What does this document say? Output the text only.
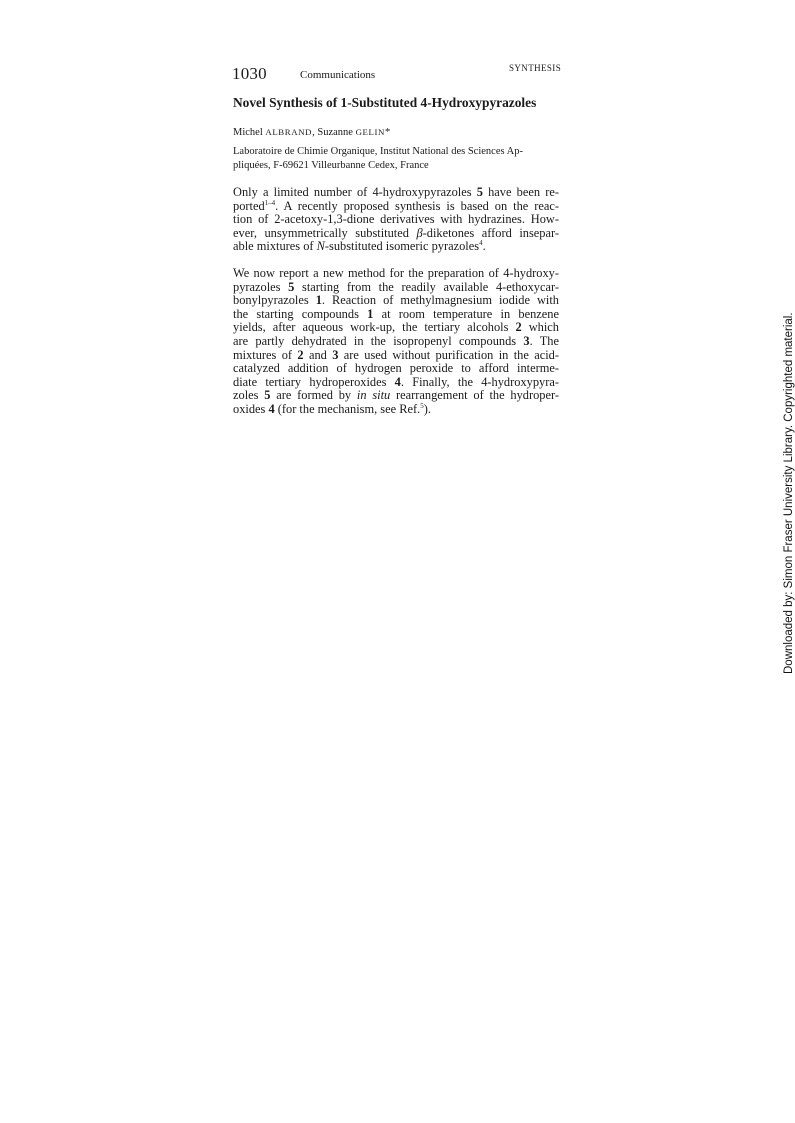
1030	Communications
SYNTHESIS
Novel Synthesis of 1-Substituted 4-Hydroxypyrazoles
Michel ALBRAND, Suzanne GELIN*
Laboratoire de Chimie Organique, Institut National des Sciences Ap-
pliquées, F-69621 Villeurbanne Cedex, France
Only a limited number of 4-hydroxypyrazoles 5 have been re-
ported$^{1-4}$. A recently proposed synthesis is based on the reac-
tion of 2-acetoxy-1,3-dione derivatives with hydrazines. How-
ever, unsymmetrically substituted β-diketones afford insepar-
able mixtures of N-substituted isomeric pyrazoles$^4$.
We now report a new method for the preparation of 4-hydroxy-
pyrazoles 5 starting from the readily available 4-ethoxycar-
bonylpyrazoles 1. Reaction of methylmagnesium iodide with
the starting compounds 1 at room temperature in benzene
yields, after aqueous work-up, the tertiary alcohols 2 which
are partly dehydrated in the isopropenyl compounds 3. The
mixtures of 2 and 3 are used without purification in the acid-
catalyzed addition of hydrogen peroxide to afford interme-
diate tertiary hydroperoxides 4. Finally, the 4-hydroxypyra-
zoles 5 are formed by in situ rearrangement of the hydroper-
oxides 4 (for the mechanism, see Ref.$^5$).	Downloaded by: Simon Fraser University Library. Copyrighted material.
